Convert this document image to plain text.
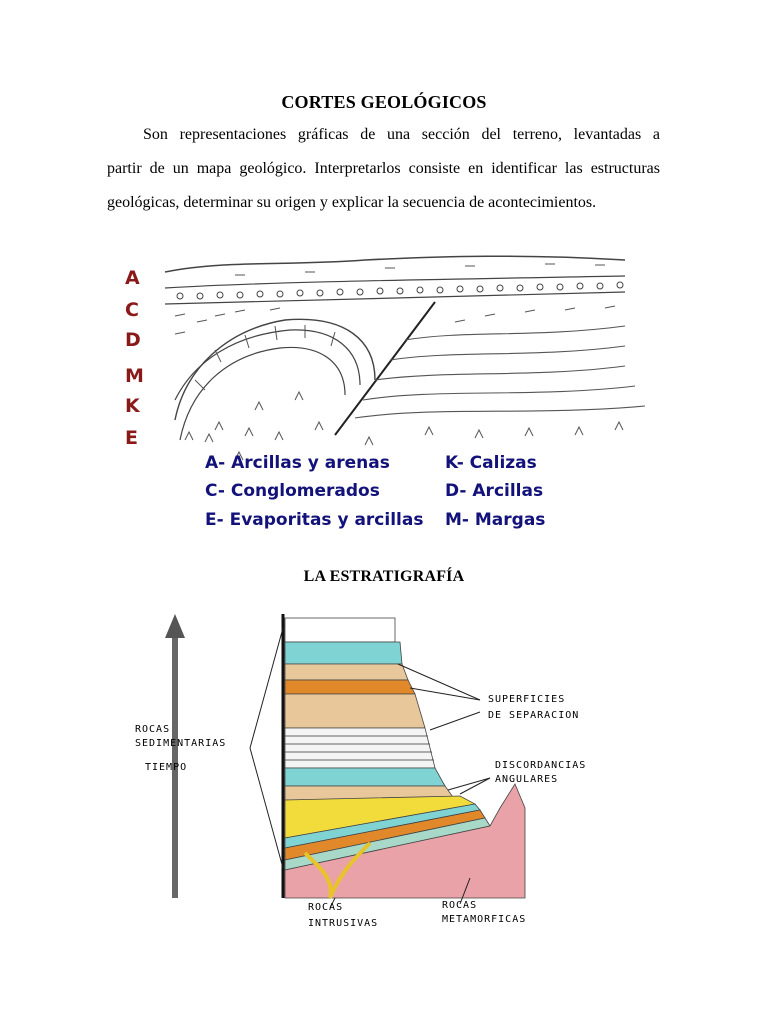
CORTES GEOLÓGICOS
Son representaciones gráficas de una sección del terreno, levantadas a
partir de un mapa geológico. Interpretarlos consiste en identificar las estructuras
geológicas, determinar su origen y explicar la secuencia de acontecimientos.
A
C
D
M
K
E
A- Arcillas y arenas
C- Conglomerados
E- Evaporitas y arcillas
K- Calizas
D- Arcillas
M- Margas
LA ESTRATIGRAFÍA
ROCAS
SEDIMENTARIAS
TIEMPO
SUPERFICIES
DE SEPARACION
DISCORDANCIAS
ANGULARES
ROCAS
INTRUSIVAS
ROCAS
METAMORFICAS
